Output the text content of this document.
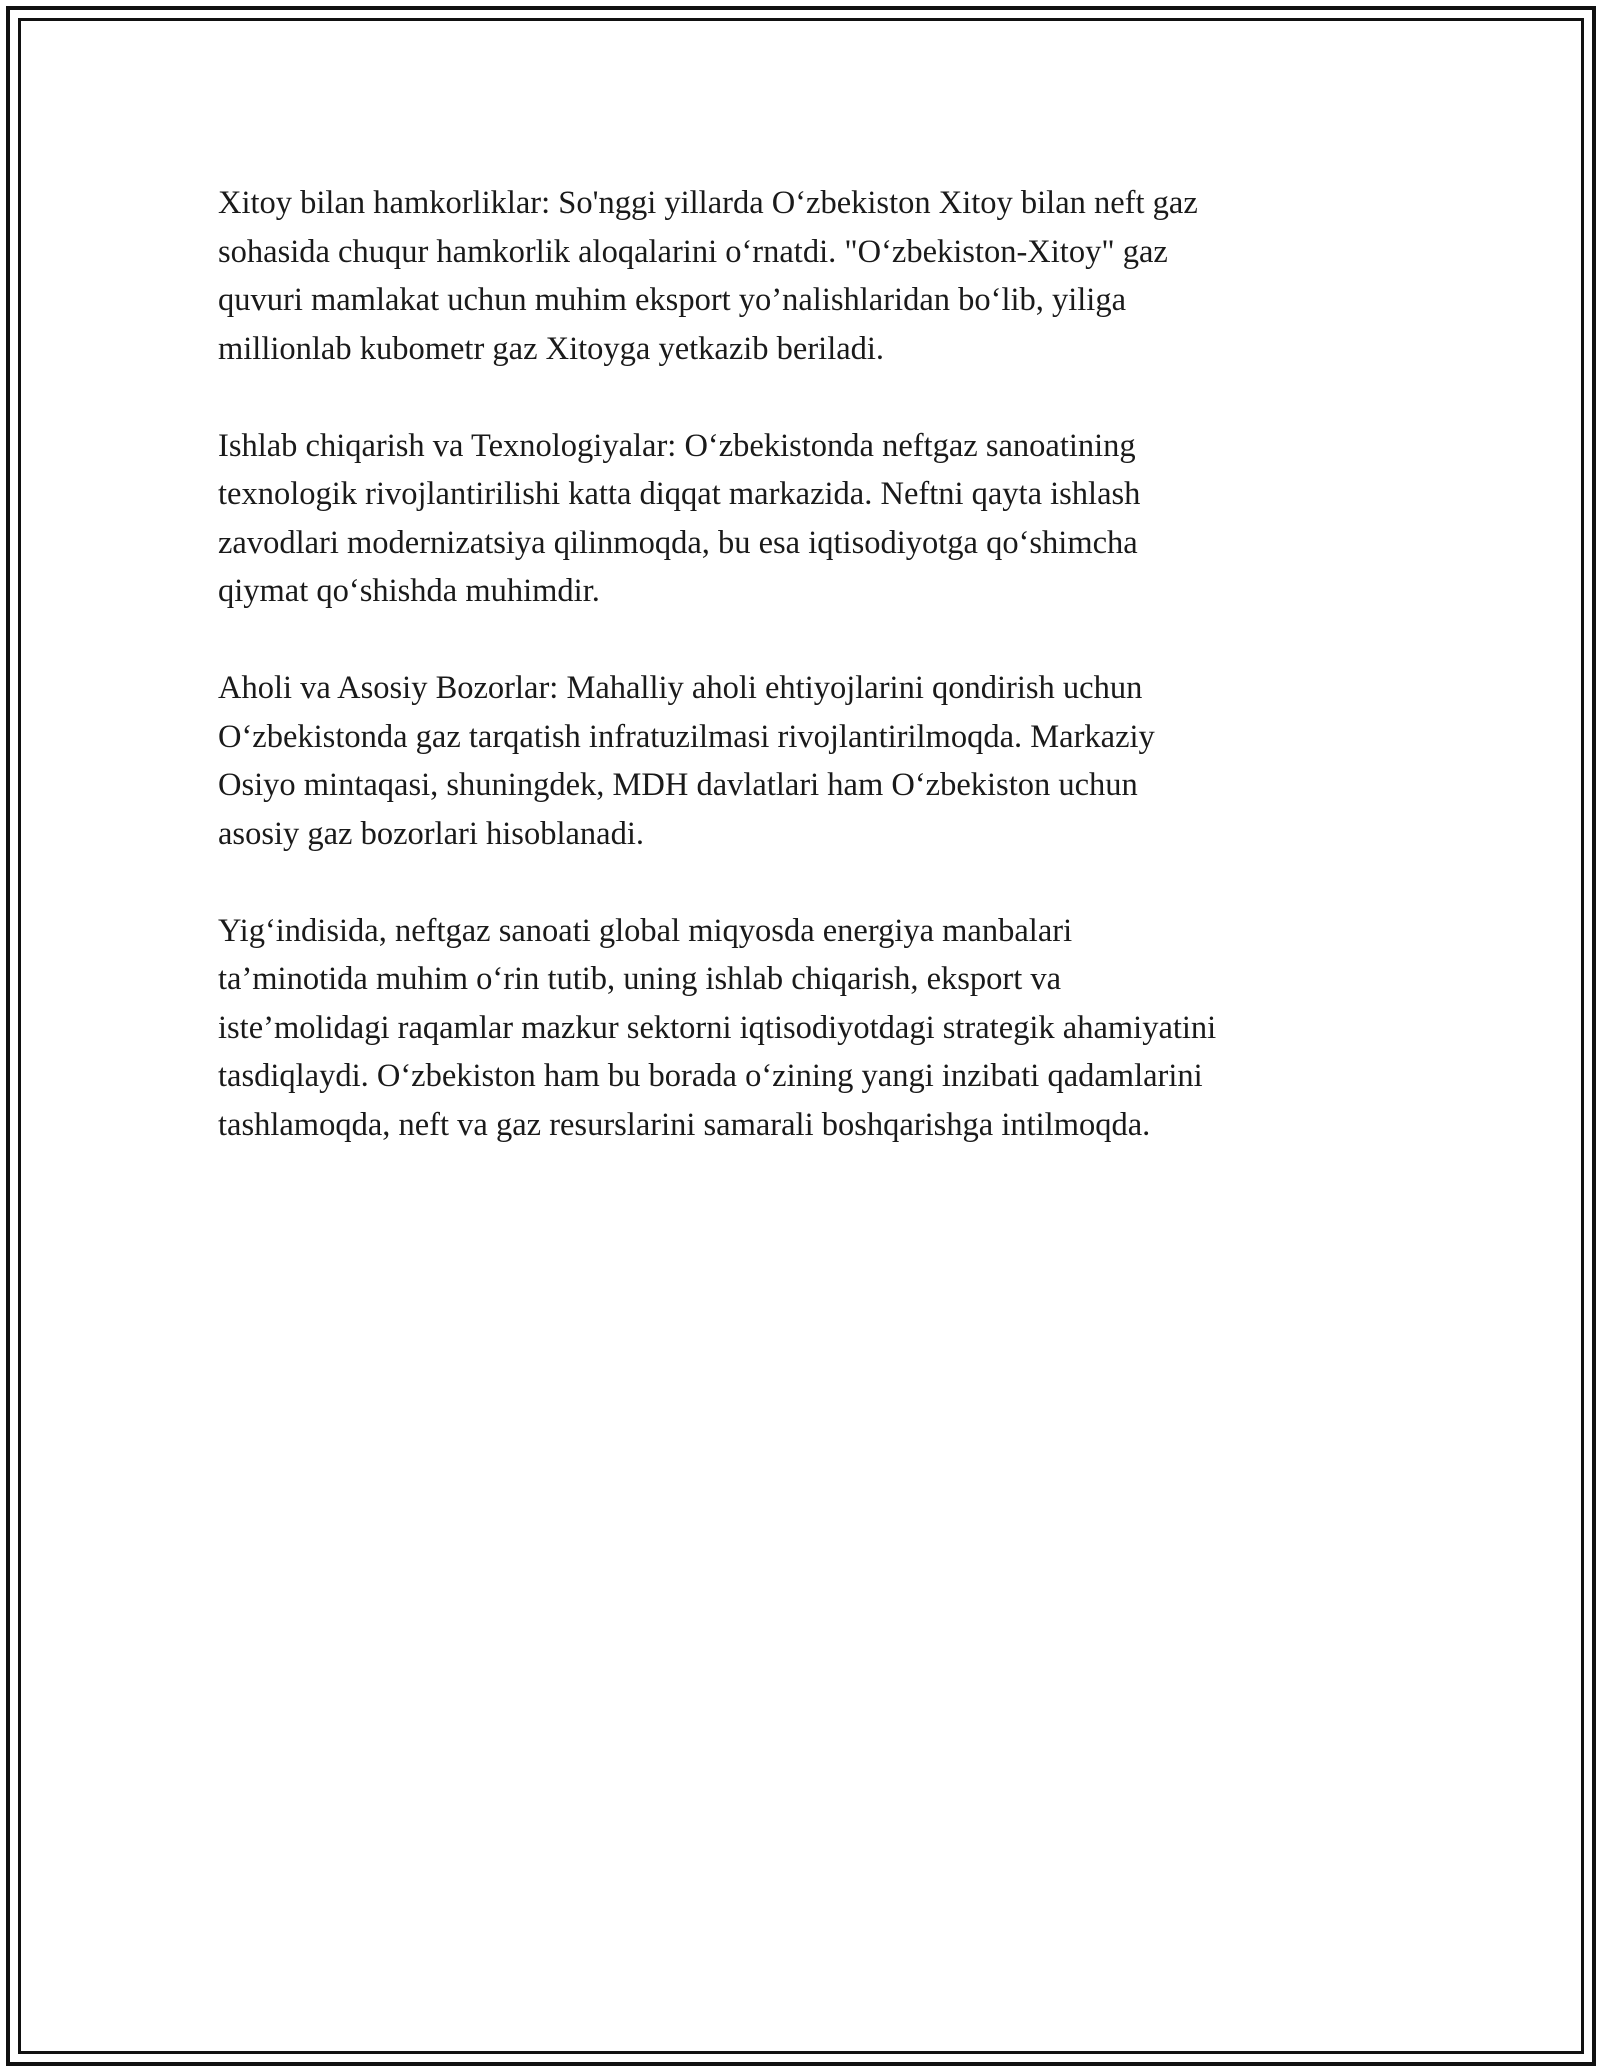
Xitoy bilan hamkorliklar: So'nggi yillarda O‘zbekiston Xitoy bilan neft gaz
sohasida chuqur hamkorlik aloqalarini o‘rnatdi. "O‘zbekiston-Xitoy" gaz
quvuri mamlakat uchun muhim eksport yo’nalishlaridan bo‘lib, yiliga
millionlab kubometr gaz Xitoyga yetkazib beriladi.

Ishlab chiqarish va Texnologiyalar: O‘zbekistonda neftgaz sanoatining
texnologik rivojlantirilishi katta diqqat markazida. Neftni qayta ishlash
zavodlari modernizatsiya qilinmoqda, bu esa iqtisodiyotga qo‘shimcha
qiymat qo‘shishda muhimdir.

Aholi va Asosiy Bozorlar: Mahalliy aholi ehtiyojlarini qondirish uchun
O‘zbekistonda gaz tarqatish infratuzilmasi rivojlantirilmoqda. Markaziy
Osiyo mintaqasi, shuningdek, MDH davlatlari ham O‘zbekiston uchun
asosiy gaz bozorlari hisoblanadi.

Yig‘indisida, neftgaz sanoati global miqyosda energiya manbalari
ta’minotida muhim o‘rin tutib, uning ishlab chiqarish, eksport va
iste’molidagi raqamlar mazkur sektorni iqtisodiyotdagi strategik ahamiyatini
tasdiqlaydi. O‘zbekiston ham bu borada o‘zining yangi inzibati qadamlarini
tashlamoqda, neft va gaz resurslarini samarali boshqarishga intilmoqda.
